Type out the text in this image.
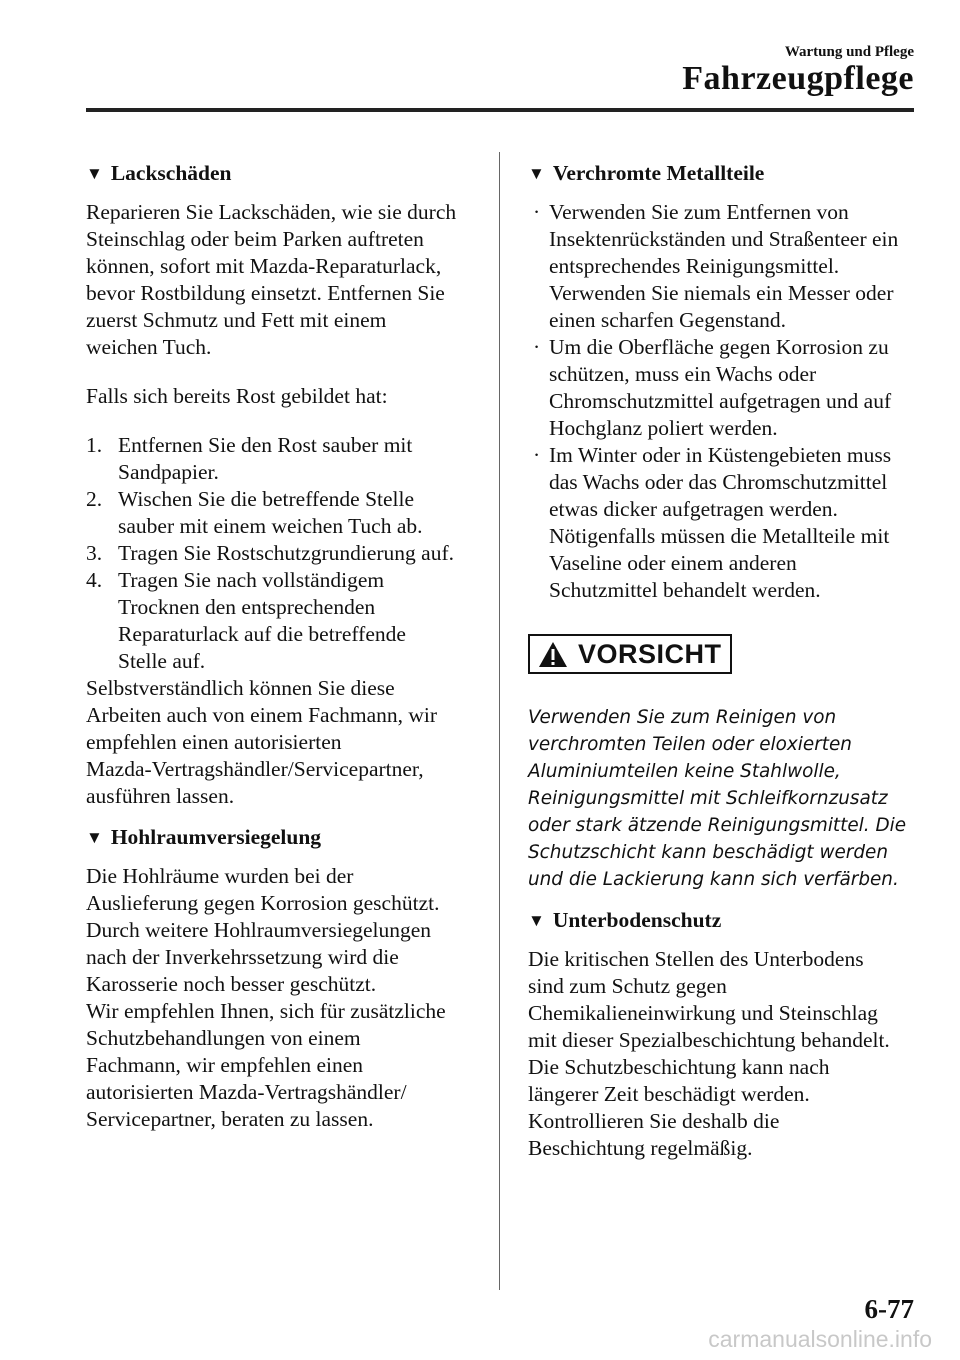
Wartung und Pflege
Fahrzeugpflege
▼ Lackschäden

Reparieren Sie Lackschäden, wie sie durch
Steinschlag oder beim Parken auftreten
können, sofort mit Mazda-Reparaturlack,
bevor Rostbildung einsetzt. Entfernen Sie
zuerst Schmutz und Fett mit einem
weichen Tuch.

Falls sich bereits Rost gebildet hat:

1. Entfernen Sie den Rost sauber mit
Sandpapier.
2. Wischen Sie die betreffende Stelle
sauber mit einem weichen Tuch ab.
3. Tragen Sie Rostschutzgrundierung auf.
4. Tragen Sie nach vollständigem
Trocknen den entsprechenden
Reparaturlack auf die betreffende
Stelle auf.

Selbstverständlich können Sie diese
Arbeiten auch von einem Fachmann, wir
empfehlen einen autorisierten
Mazda-Vertragshändler/Servicepartner,
ausführen lassen.

▼ Hohlraumversiegelung

Die Hohlräume wurden bei der
Auslieferung gegen Korrosion geschützt.
Durch weitere Hohlraumversiegelungen
nach der Inverkehrssetzung wird die
Karosserie noch besser geschützt.
Wir empfehlen Ihnen, sich für zusätzliche
Schutzbehandlungen von einem
Fachmann, wir empfehlen einen
autorisierten Mazda-Vertragshändler/
Servicepartner, beraten zu lassen.

▼ Verchromte Metallteile
· Verwenden Sie zum Entfernen von
Insektenrückständen und Straßenteer ein
entsprechendes Reinigungsmittel.
Verwenden Sie niemals ein Messer oder
einen scharfen Gegenstand.
· Um die Oberfläche gegen Korrosion zu
schützen, muss ein Wachs oder
Chromschutzmittel aufgetragen und auf
Hochglanz poliert werden.
· Im Winter oder in Küstengebieten muss
das Wachs oder das Chromschutzmittel
etwas dicker aufgetragen werden.
Nötigenfalls müssen die Metallteile mit
Vaseline oder einem anderen
Schutzmittel behandelt werden.
VORSICHT

Verwenden Sie zum Reinigen von
verchromten Teilen oder eloxierten
Aluminiumteilen keine Stahlwolle,
Reinigungsmittel mit Schleifkornzusatz
oder stark ätzende Reinigungsmittel. Die
Schutzschicht kann beschädigt werden
und die Lackierung kann sich verfärben.

▼ Unterbodenschutz

Die kritischen Stellen des Unterbodens
sind zum Schutz gegen
Chemikalieneinwirkung und Steinschlag
mit dieser Spezialbeschichtung behandelt.
Die Schutzbeschichtung kann nach
längerer Zeit beschädigt werden.
Kontrollieren Sie deshalb die
Beschichtung regelmäßig.

6-77
carmanualsonline.info
